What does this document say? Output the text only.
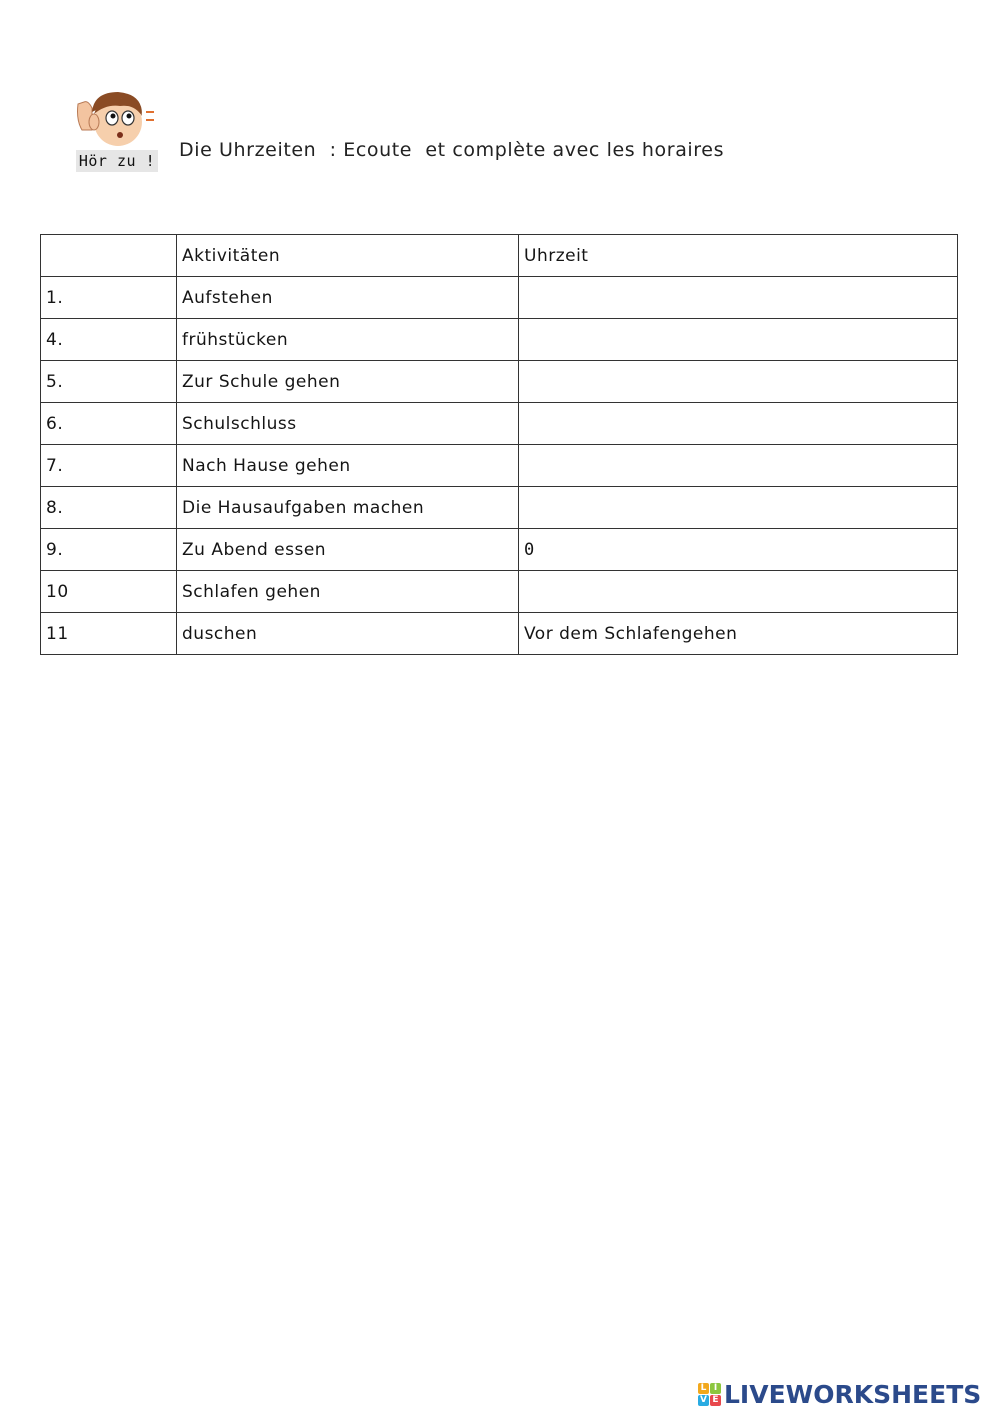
Hör zu ! Die Uhrzeiten  : Ecoute  et complète avec les horaires
	Aktivitäten	Uhrzeit
1.	Aufstehen	
4.	frühstücken	
5.	Zur Schule gehen	
6.	Schulschluss	
7.	Nach Hause gehen	
8.	Die Hausaufgaben machen	
9.	Zu Abend essen	0
10	Schlafen gehen	
11	duschen	Vor dem Schlafengehen
L I
V E LIVEWORKSHEETS
